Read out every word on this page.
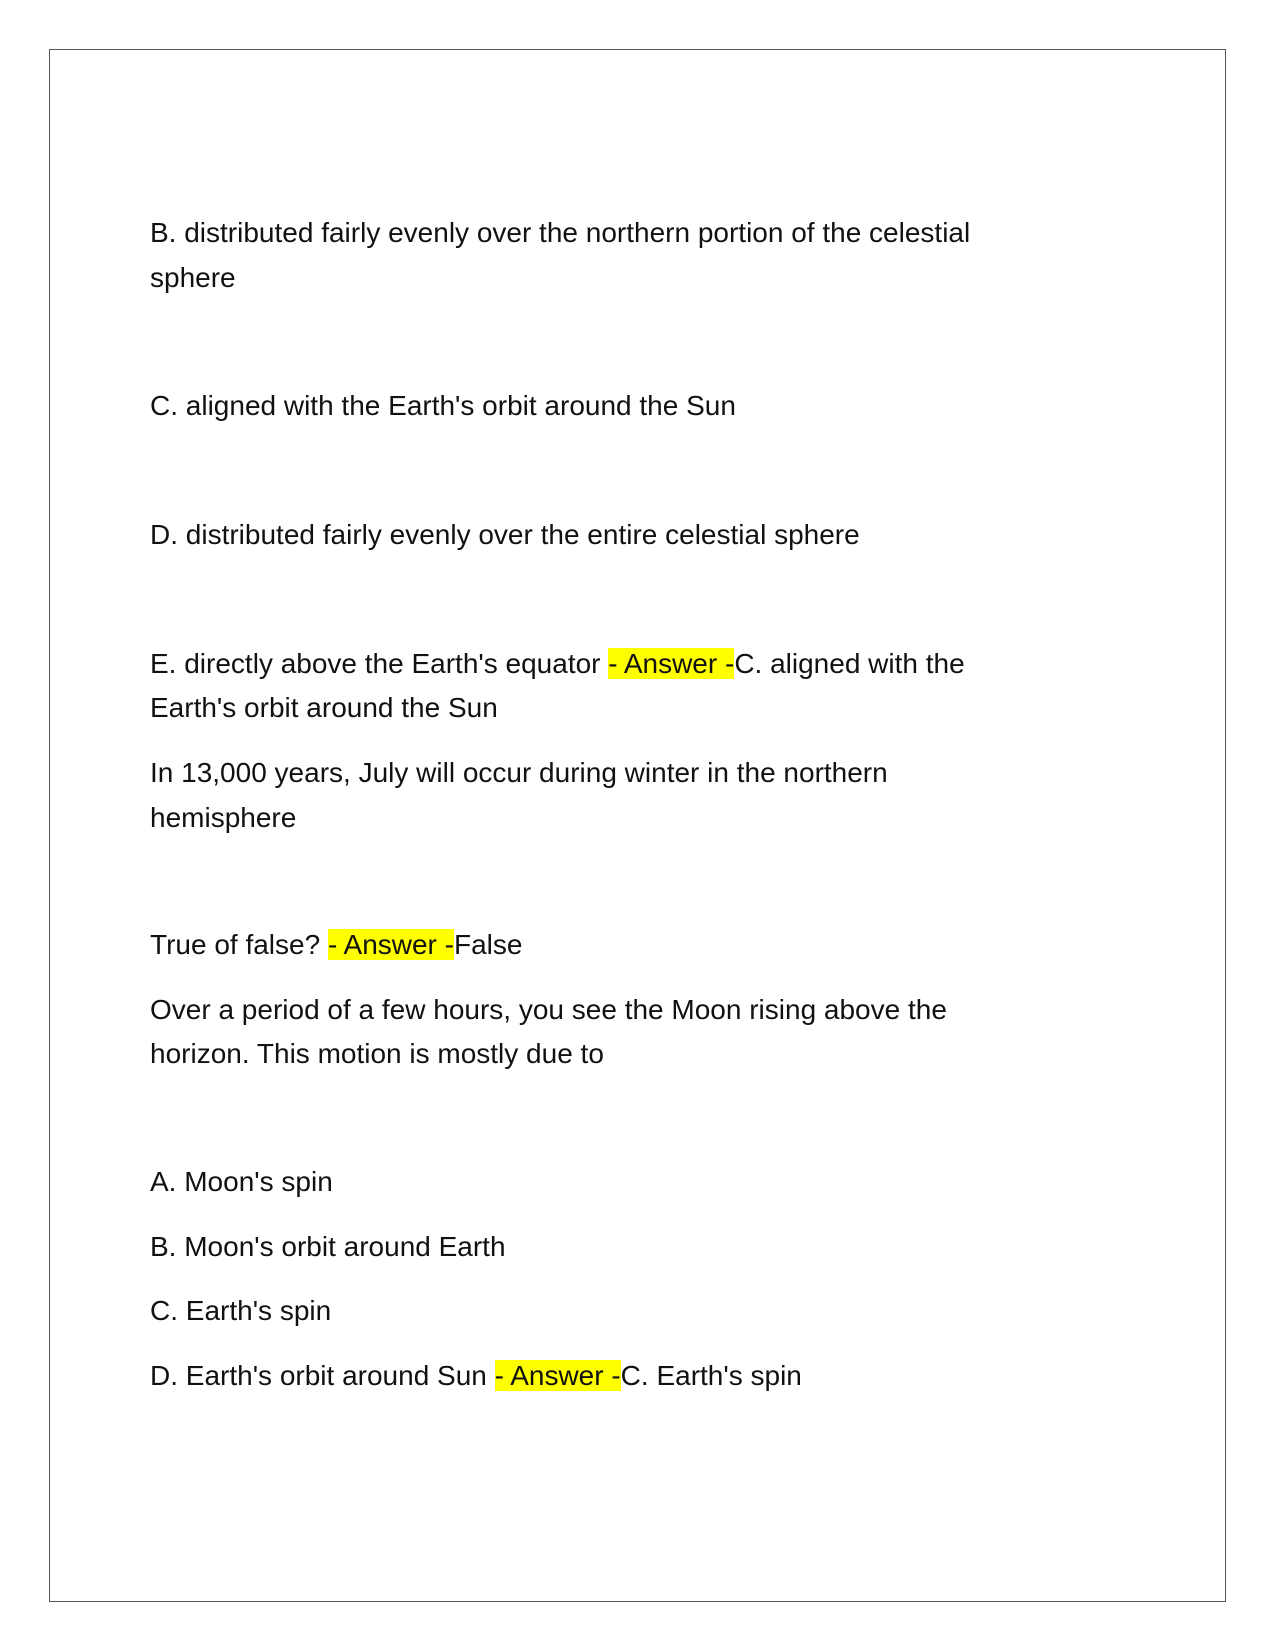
B. distributed fairly evenly over the northern portion of the celestial
sphere
C. aligned with the Earth's orbit around the Sun
D. distributed fairly evenly over the entire celestial sphere
E. directly above the Earth's equator - Answer -C. aligned with the
Earth's orbit around the Sun
In 13,000 years, July will occur during winter in the northern
hemisphere
True of false? - Answer -False
Over a period of a few hours, you see the Moon rising above the
horizon. This motion is mostly due to
A. Moon's spin
B. Moon's orbit around Earth
C. Earth's spin
D. Earth's orbit around Sun - Answer -C. Earth's spin
